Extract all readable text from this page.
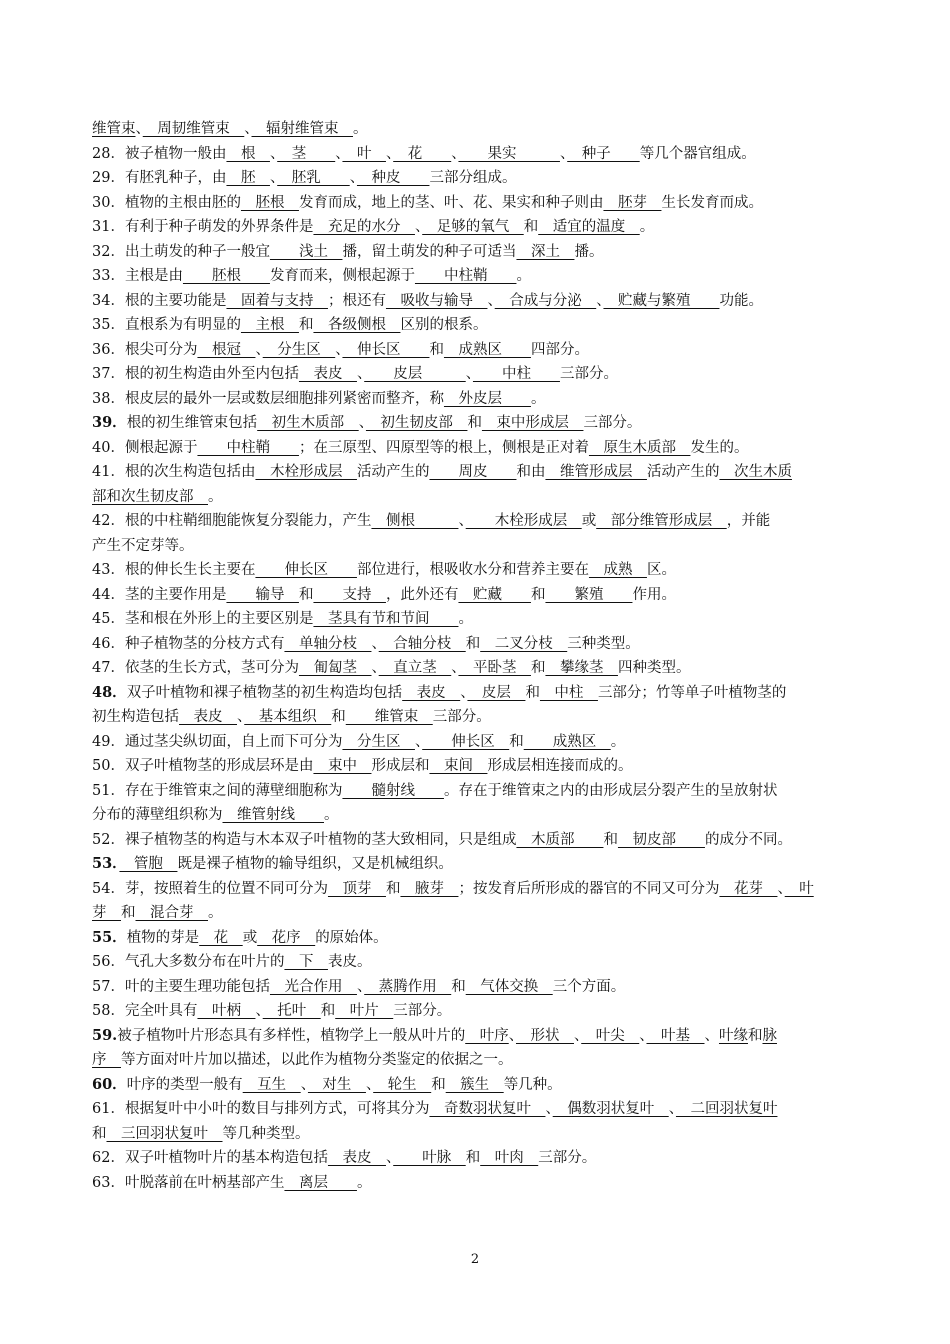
维管束、　周韧维管束　、　辐射维管束　。
28．被子植物一般由　根　、　茎　　、　叶　、　花　　、　　果实　　　、　种子　　等几个器官组成。
29．有胚乳种子，由　胚　、　胚乳　　、　种皮　　三部分组成。
30．植物的主根由胚的　胚根　发育而成，地上的茎、叶、花、果实和种子则由　胚芽　生长发育而成。
31．有利于种子萌发的外界条件是　充足的水分　、　足够的氧气　和　适宜的温度　。
32．出土萌发的种子一般宜　　浅土　播，留土萌发的种子可适当　深土　播。
33．主根是由　　胚根　　发育而来，侧根起源于　　中柱鞘　　。
34．根的主要功能是　固着与支持　；根还有　吸收与输导　、　合成与分泌　、　贮藏与繁殖　　功能。
35．直根系为有明显的　主根　和　各级侧根　区别的根系。
36．根尖可分为　根冠　、　分生区　、　伸长区　　和　成熟区　　四部分。
37．根的初生构造由外至内包括　表皮　、　　皮层　　　、　　中柱　　三部分。
38．根皮层的最外一层或数层细胞排列紧密而整齐，称　外皮层　　。
39．根的初生维管束包括　初生木质部　、　初生韧皮部　和　束中形成层　三部分。
40．侧根起源于　　中柱鞘　　；在三原型、四原型等的根上，侧根是正对着　原生木质部　发生的。
41．根的次生构造包括由　木栓形成层　活动产生的　　周皮　　和由　维管形成层　活动产生的　次生木质
部和次生韧皮部　。
42．根的中柱鞘细胞能恢复分裂能力，产生　侧根　　　、　　木栓形成层　或　部分维管形成层　，并能
产生不定芽等。
43．根的伸长生长主要在　　伸长区　　部位进行，根吸收水分和营养主要在　成熟　区。
44．茎的主要作用是　　输导　和　　支持　，此外还有　贮藏　　和　　繁殖　　作用。
45．茎和根在外形上的主要区别是　茎具有节和节间　　。
46．种子植物茎的分枝方式有　单轴分枝　、　合轴分枝　和　二叉分枝　三种类型。
47．依茎的生长方式，茎可分为　匍匐茎　、　直立茎　、　平卧茎　和　攀缘茎　四种类型。
48．双子叶植物和裸子植物茎的初生构造均包括　表皮　、　皮层　和　中柱　三部分；竹等单子叶植物茎的
初生构造包括　表皮　、　基本组织　和　　维管束　三部分。
49．通过茎尖纵切面，自上而下可分为　分生区　、　　伸长区　和　　成熟区　。
50．双子叶植物茎的形成层环是由　束中　形成层和　束间　形成层相连接而成的。
51．存在于维管束之间的薄壁细胞称为　　髓射线　　。存在于维管束之内的由形成层分裂产生的呈放射状
分布的薄壁组织称为　维管射线　　。
52．裸子植物茎的构造与木本双子叶植物的茎大致相同，只是组成　木质部　　和　韧皮部　　的成分不同。
53．　管胞　既是裸子植物的输导组织，又是机械组织。
54．芽，按照着生的位置不同可分为　顶芽　和　腋芽　；按发育后所形成的器官的不同又可分为　花芽　、　叶
芽　和　混合芽　。
55．植物的芽是　花　或　花序　的原始体。
56．气孔大多数分布在叶片的　下　表皮。
57．叶的主要生理功能包括　光合作用　、　蒸腾作用　和　气体交换　三个方面。
58．完全叶具有　叶柄　、　托叶　和　叶片　三部分。
59.被子植物叶片形态具有多样性，植物学上一般从叶片的　叶序、　形状　、　叶尖　、　叶基　、叶缘和脉
序　等方面对叶片加以描述，以此作为植物分类鉴定的依据之一。
60．叶序的类型一般有　互生　、　对生　、　轮生　和　簇生　等几种。
61．根据复叶中小叶的数目与排列方式，可将其分为　奇数羽状复叶　、　偶数羽状复叶　、　二回羽状复叶
和　三回羽状复叶　等几种类型。
62．双子叶植物叶片的基本构造包括　表皮　、　　叶脉　和　叶肉　三部分。
63．叶脱落前在叶柄基部产生　离层　　。
2
